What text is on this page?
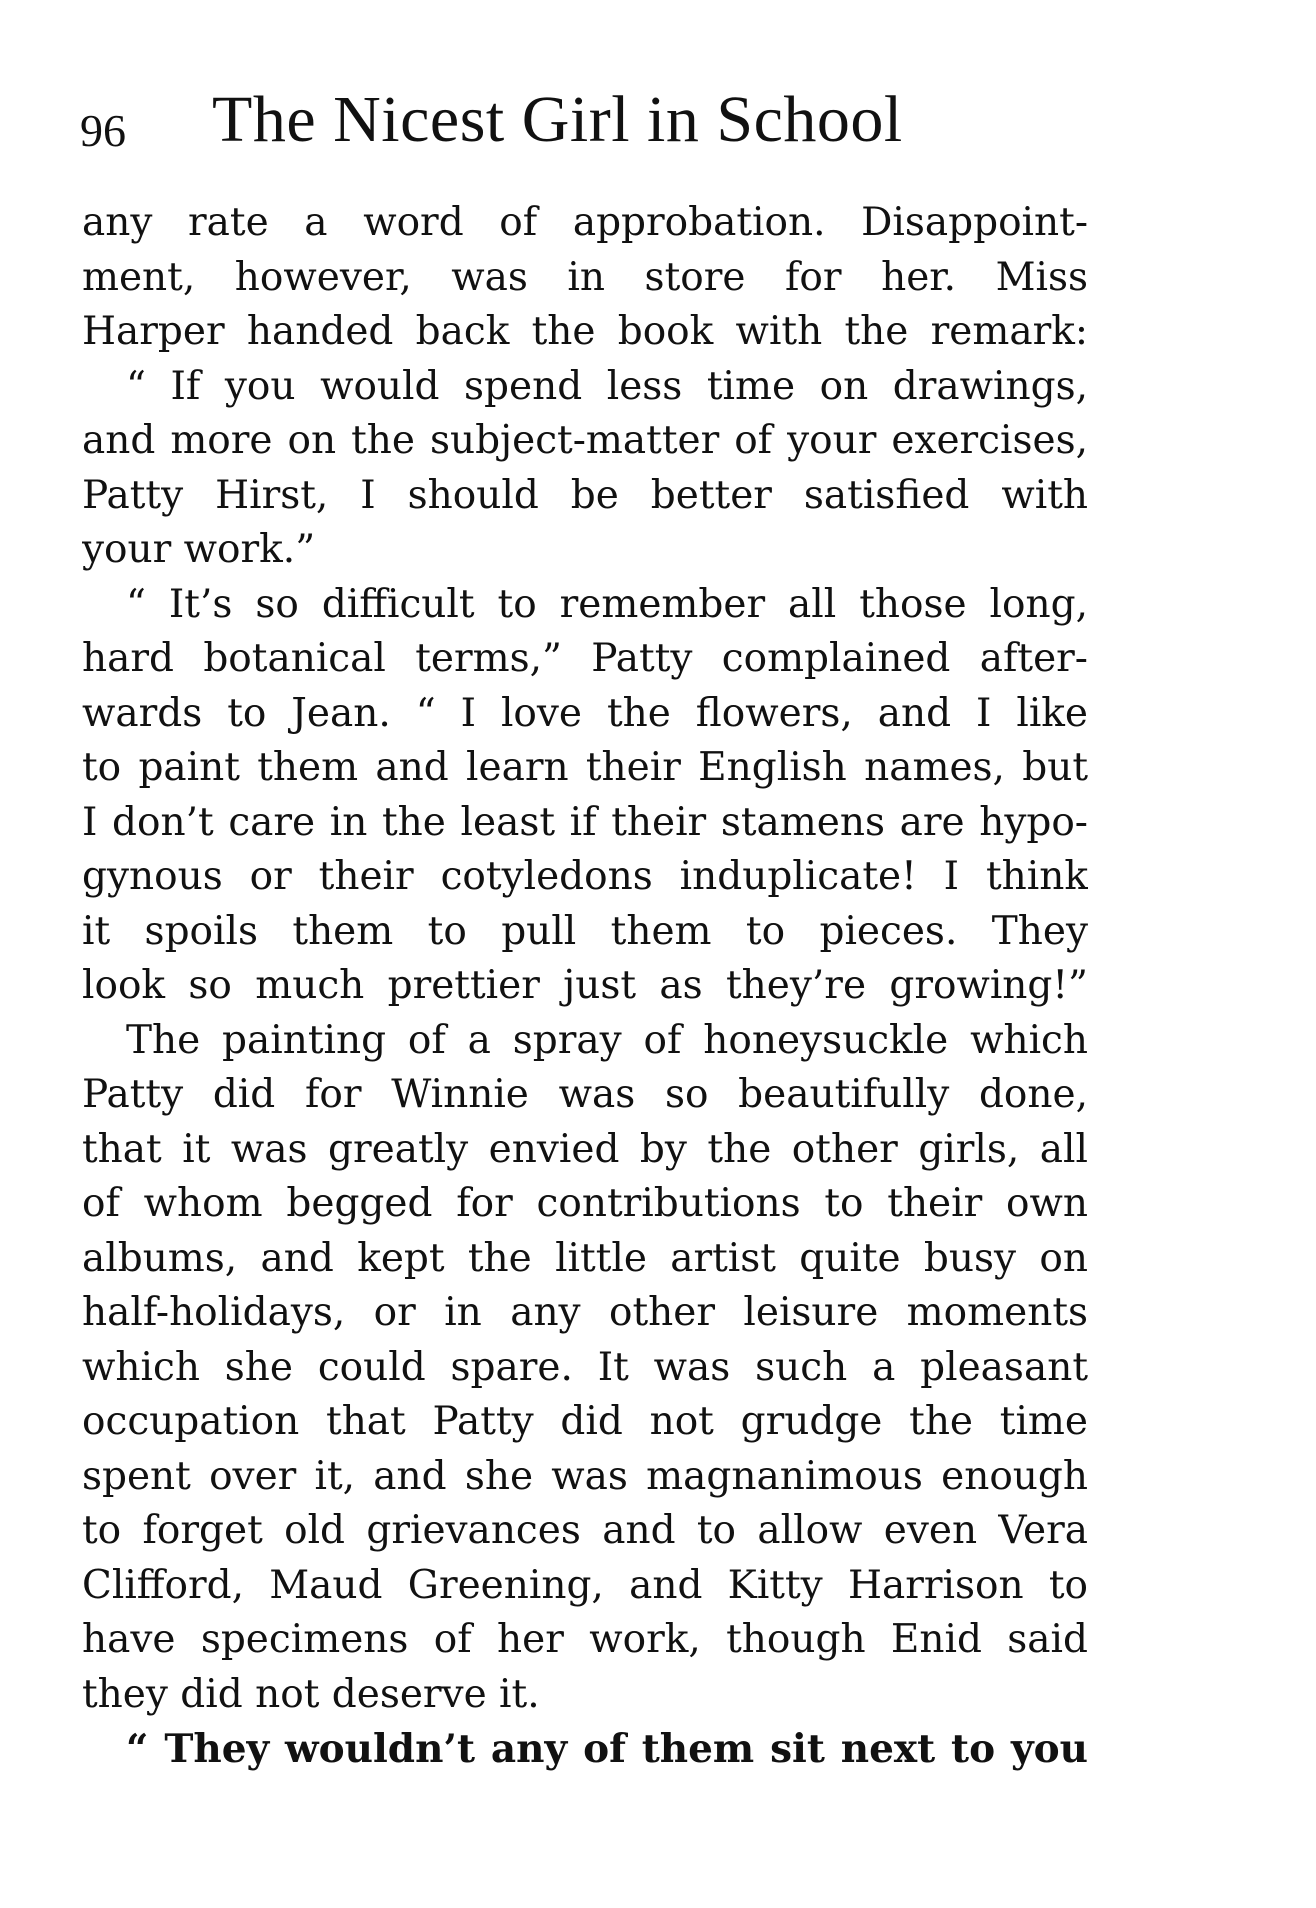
96 The Nicest Girl in School
any rate a word of approbation. Disappoint-
ment, however, was in store for her. Miss
Harper handed back the book with the remark:
“ If you would spend less time on drawings,
and more on the subject-matter of your exercises,
Patty Hirst, I should be better satisfied with
your work.”
“ It’s so difficult to remember all those long,
hard botanical terms,” Patty complained after-
wards to Jean. “ I love the flowers, and I like
to paint them and learn their English names, but
I don’t care in the least if their stamens are hypo-
gynous or their cotyledons induplicate! I think
it spoils them to pull them to pieces. They
look so much prettier just as they’re growing!”
The painting of a spray of honeysuckle which
Patty did for Winnie was so beautifully done,
that it was greatly envied by the other girls, all
of whom begged for contributions to their own
albums, and kept the little artist quite busy on
half-holidays, or in any other leisure moments
which she could spare. It was such a pleasant
occupation that Patty did not grudge the time
spent over it, and she was magnanimous enough
to forget old grievances and to allow even Vera
Clifford, Maud Greening, and Kitty Harrison to
have specimens of her work, though Enid said
they did not deserve it.
“ They wouldn’t any of them sit next to you
